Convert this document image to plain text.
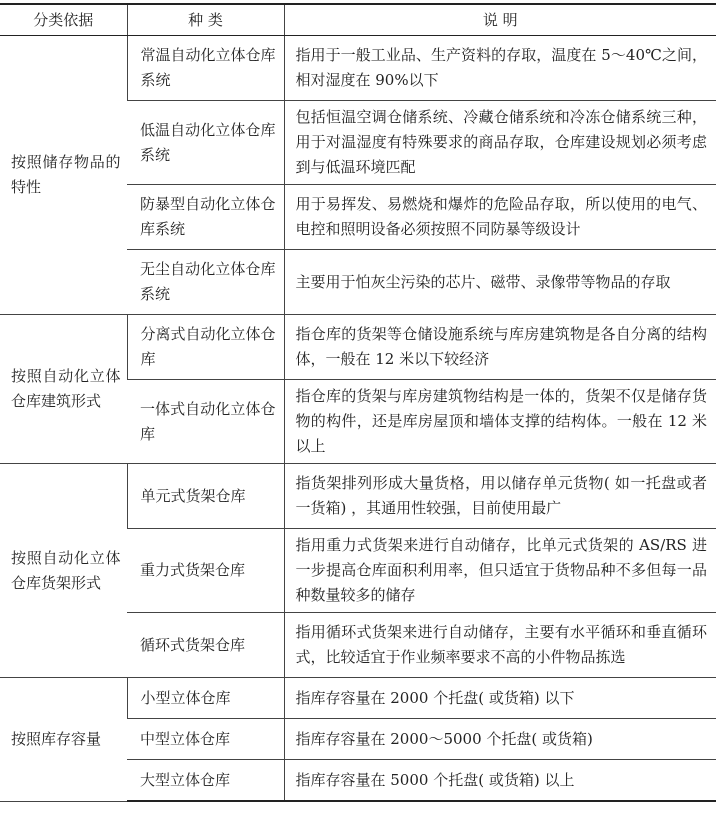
分类依据	种 类	说 明
按照储存物品的特性	常温自动化立体仓库系统	指用于一般工业品、生产资料的存取，温度在 5～40℃之间，相对湿度在 90%以下
	低温自动化立体仓库系统	包括恒温空调仓储系统、冷藏仓储系统和冷冻仓储系统三种，用于对温湿度有特殊要求的商品存取，仓库建设规划必须考虑到与低温环境匹配
	防暴型自动化立体仓库系统	用于易挥发、易燃烧和爆炸的危险品存取，所以使用的电气、电控和照明设备必须按照不同防暴等级设计
	无尘自动化立体仓库系统	主要用于怕灰尘污染的芯片、磁带、录像带等物品的存取
按照自动化立体仓库建筑形式	分离式自动化立体仓库	指仓库的货架等仓储设施系统与库房建筑物是各自分离的结构体，一般在 12 米以下较经济
	一体式自动化立体仓库	指仓库的货架与库房建筑物结构是一体的，货架不仅是储存货物的构件，还是库房屋顶和墙体支撑的结构体。一般在 12 米以上
按照自动化立体仓库货架形式	单元式货架仓库	指货架排列形成大量货格，用以储存单元货物( 如一托盘或者一货箱) ，其通用性较强，目前使用最广
	重力式货架仓库	指用重力式货架来进行自动储存，比单元式货架的 AS/RS 进一步提高仓库面积利用率，但只适宜于货物品种不多但每一品种数量较多的储存
	循环式货架仓库	指用循环式货架来进行自动储存，主要有水平循环和垂直循环式，比较适宜于作业频率要求不高的小件物品拣选
按照库存容量	小型立体仓库	指库存容量在 2000 个托盘( 或货箱) 以下
	中型立体仓库	指库存容量在 2000～5000 个托盘( 或货箱)
	大型立体仓库	指库存容量在 5000 个托盘( 或货箱) 以上
